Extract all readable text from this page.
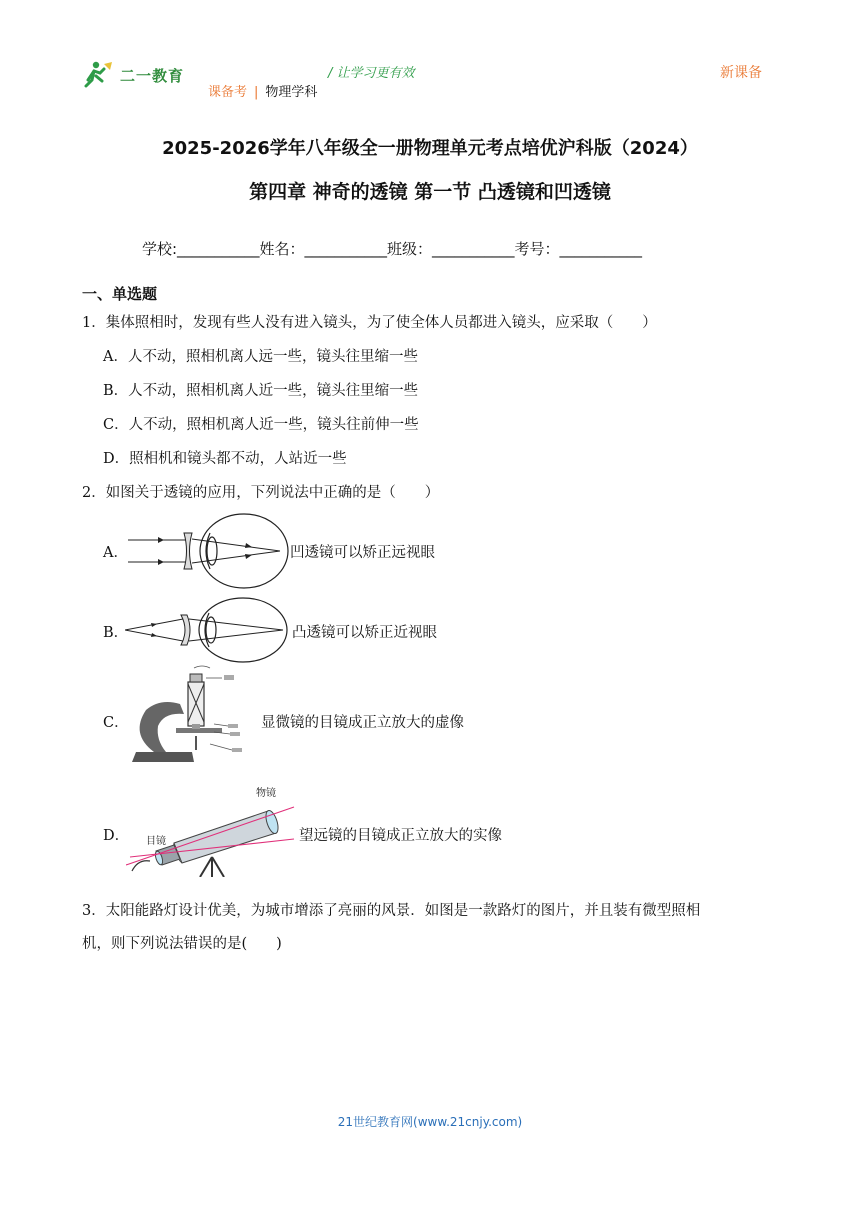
二一教育	/ 让学习更有效	新课备
课备考 | 物理学科
2025-2026学年八年级全一册物理单元考点培优沪科版（2024）
第四章 神奇的透镜 第一节 凸透镜和凹透镜
学校:___________姓名：___________班级：___________考号：___________
一、单选题
1．集体照相时，发现有些人没有进入镜头，为了使全体人员都进入镜头，应采取（　　）
A．人不动，照相机离人远一些，镜头往里缩一些
B．人不动，照相机离人近一些，镜头往里缩一些
C．人不动，照相机离人近一些，镜头往前伸一些
D．照相机和镜头都不动，人站近一些
2．如图关于透镜的应用，下列说法中正确的是（　　）
A．	凹透镜可以矫正远视眼
B．	凸透镜可以矫正近视眼
C．	显微镜的目镜成正立放大的虚像
D．
物镜
目镜	望远镜的目镜成正立放大的实像
3．太阳能路灯设计优美，为城市增添了亮丽的风景．如图是一款路灯的图片，并且装有微型照相
机，则下列说法错误的是(　　)
21世纪教育网(www.21cnjy.com)
